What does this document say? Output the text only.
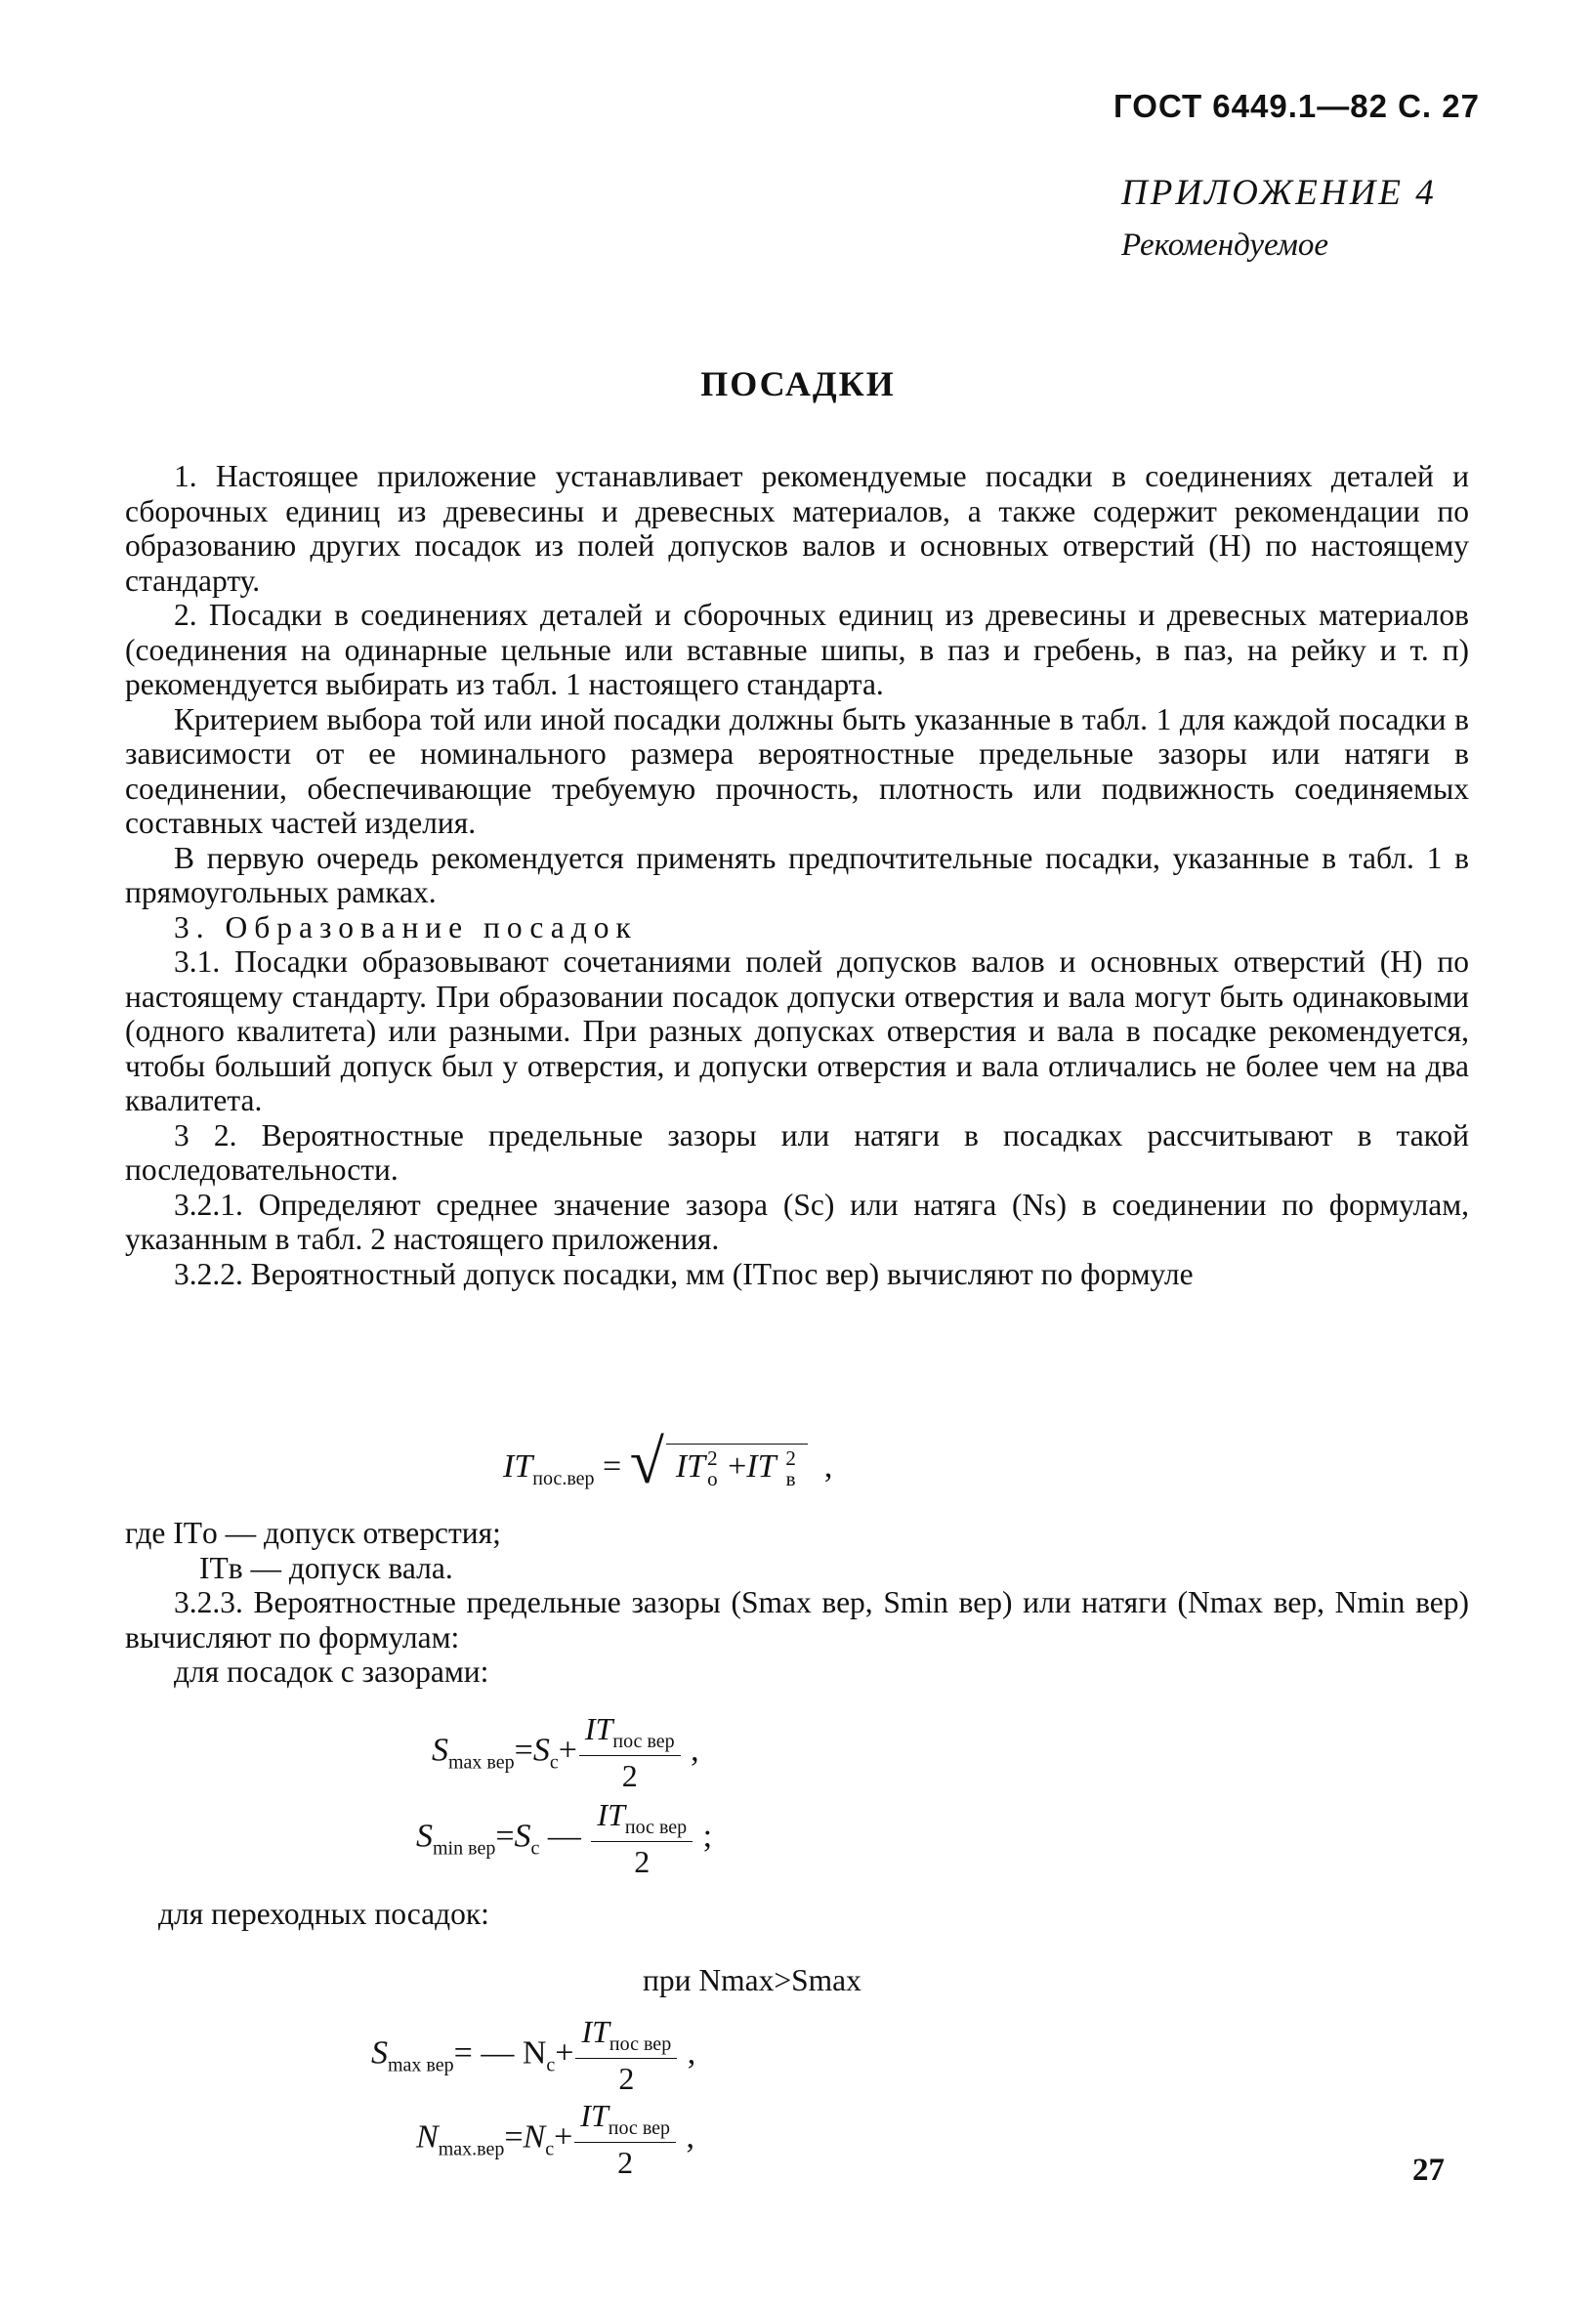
ГОСТ 6449.1—82 С. 27
ПРИЛОЖЕНИЕ 4
Рекомендуемое
ПОСАДКИ

1. Настоящее приложение устанавливает рекомендуемые посадки в соединениях деталей и сборочных единиц из древесины и древесных материалов, а также содержит рекомендации по образованию других посадок из полей допусков валов и основных отверстий (H) по настоящему стандарту.

2. Посадки в соединениях деталей и сборочных единиц из древесины и древесных материалов (соединения на одинарные цельные или вставные шипы, в паз и гребень, в паз, на рейку и т. п) рекомендуется выбирать из табл. 1 настоящего стандарта.

Критерием выбора той или иной посадки должны быть указанные в табл. 1 для каждой посадки в зависимости от ее номинального размера вероятностные предельные зазоры или натяги в соединении, обеспечивающие требуемую прочность, плотность или подвижность соединяемых составных частей изделия.

В первую очередь рекомендуется применять предпочтительные посадки, указанные в табл. 1 в прямоугольных рамках.

3. Образование посадок

3.1. Посадки образовывают сочетаниями полей допусков валов и основных отверстий (H) по настоящему стандарту. При образовании посадок допуски отверстия и вала могут быть одинаковыми (одного квалитета) или разными. При разных допусках отверстия и вала в посадке рекомендуется, чтобы больший допуск был у отверстия, и допуски отверстия и вала отличались не более чем на два квалитета.

3 2. Вероятностные предельные зазоры или натяги в посадках рассчитывают в такой последовательности.

3.2.1. Определяют среднее значение зазора (Sc) или натяга (Ns) в соединении по формулам, указанным в табл. 2 настоящего приложения.

3.2.2. Вероятностный допуск посадки, мм (ITпос вер) вычисляют по формуле

$IT_{пос.вер}$ = √ IT 2
о +IT 2
в ,

где ITо — допуск отверстия;

ITв — допуск вала.

3.2.3. Вероятностные предельные зазоры (Smax вер, Smin вер) или натяги (Nmax вер, Nmin вер) вычисляют по формулам:

для посадок с зазорами:

$S_{max вер}=S_c+ \frac{IT_{пос вер}}{2}$ ,
$S_{min вер}=S_c$ — $\frac{IT_{пос вер}}{2}$ ;
для переходных посадок:
при Nmax>Smax
$S_{max вер}=$ — $N_c+ \frac{IT_{пос вер}}{2}$ ,
$N_{max.вер}=N_c+ \frac{IT_{пос вер}}{2}$ ,
27
